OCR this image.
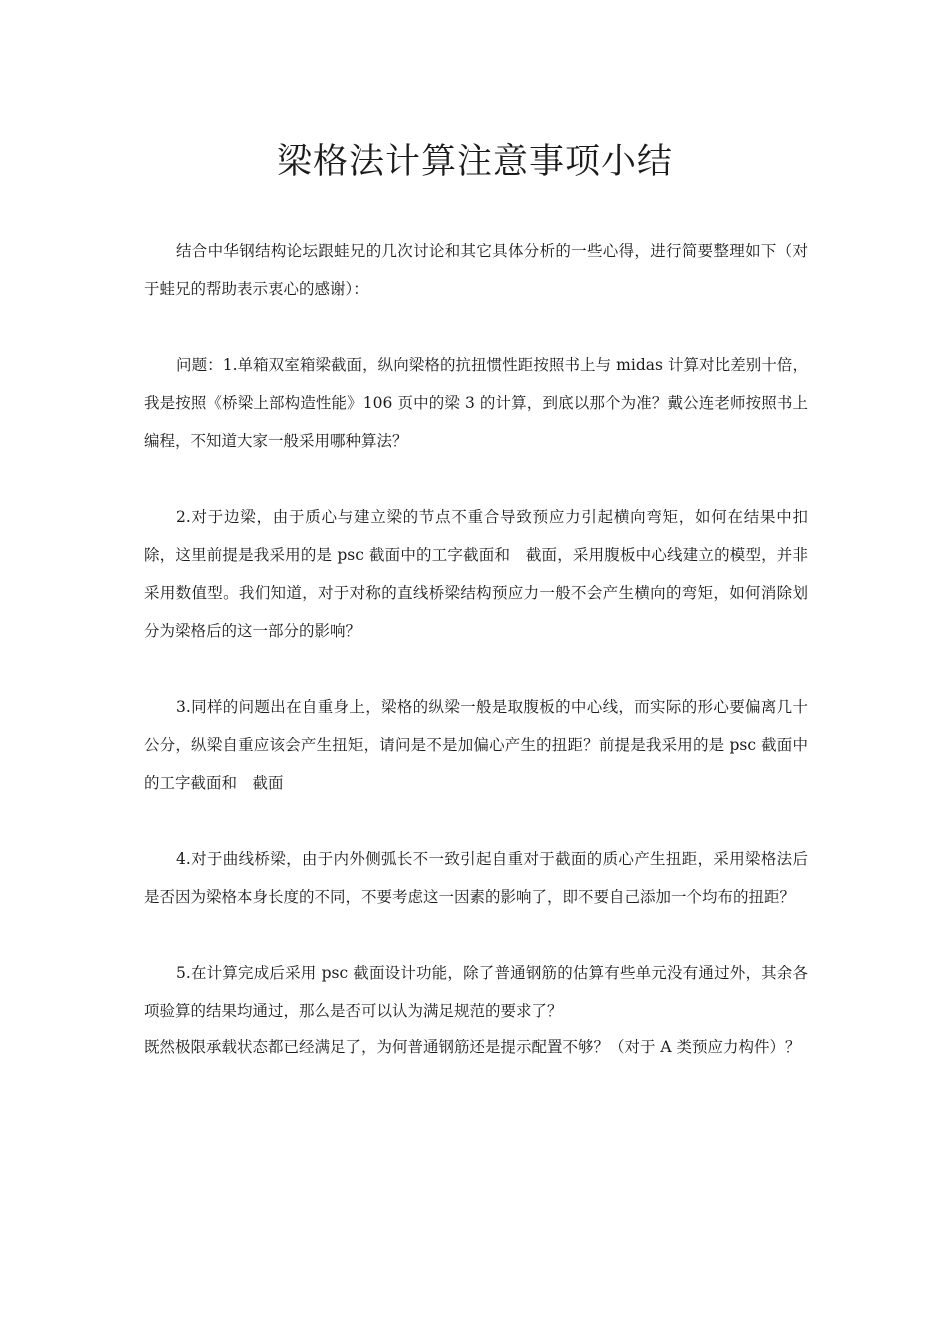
梁格法计算注意事项小结

结合中华钢结构论坛跟蛙兄的几次讨论和其它具体分析的一些心得，进行简要整理如下（对于蛙兄的帮助表示衷心的感谢）：

问题：1.单箱双室箱梁截面，纵向梁格的抗扭惯性距按照书上与 midas 计算对比差别十倍，我是按照《桥梁上部构造性能》106 页中的梁 3 的计算，到底以那个为准？戴公连老师按照书上编程，不知道大家一般采用哪种算法？

2.对于边梁，由于质心与建立梁的节点不重合导致预应力引起横向弯矩，如何在结果中扣除，这里前提是我采用的是 psc 截面中的工字截面和　截面，采用腹板中心线建立的模型，并非采用数值型。我们知道，对于对称的直线桥梁结构预应力一般不会产生横向的弯矩，如何消除划分为梁格后的这一部分的影响？

3.同样的问题出在自重身上，梁格的纵梁一般是取腹板的中心线，而实际的形心要偏离几十公分，纵梁自重应该会产生扭矩，请问是不是加偏心产生的扭距？前提是我采用的是 psc 截面中的工字截面和　截面

4.对于曲线桥梁，由于内外侧弧长不一致引起自重对于截面的质心产生扭距，采用梁格法后是否因为梁格本身长度的不同，不要考虑这一因素的影响了，即不要自己添加一个均布的扭距？

5.在计算完成后采用 psc 截面设计功能，除了普通钢筋的估算有些单元没有通过外，其余各项验算的结果均通过，那么是否可以认为满足规范的要求了？

既然极限承载状态都已经满足了，为何普通钢筋还是提示配置不够？（对于 A 类预应力构件）？
